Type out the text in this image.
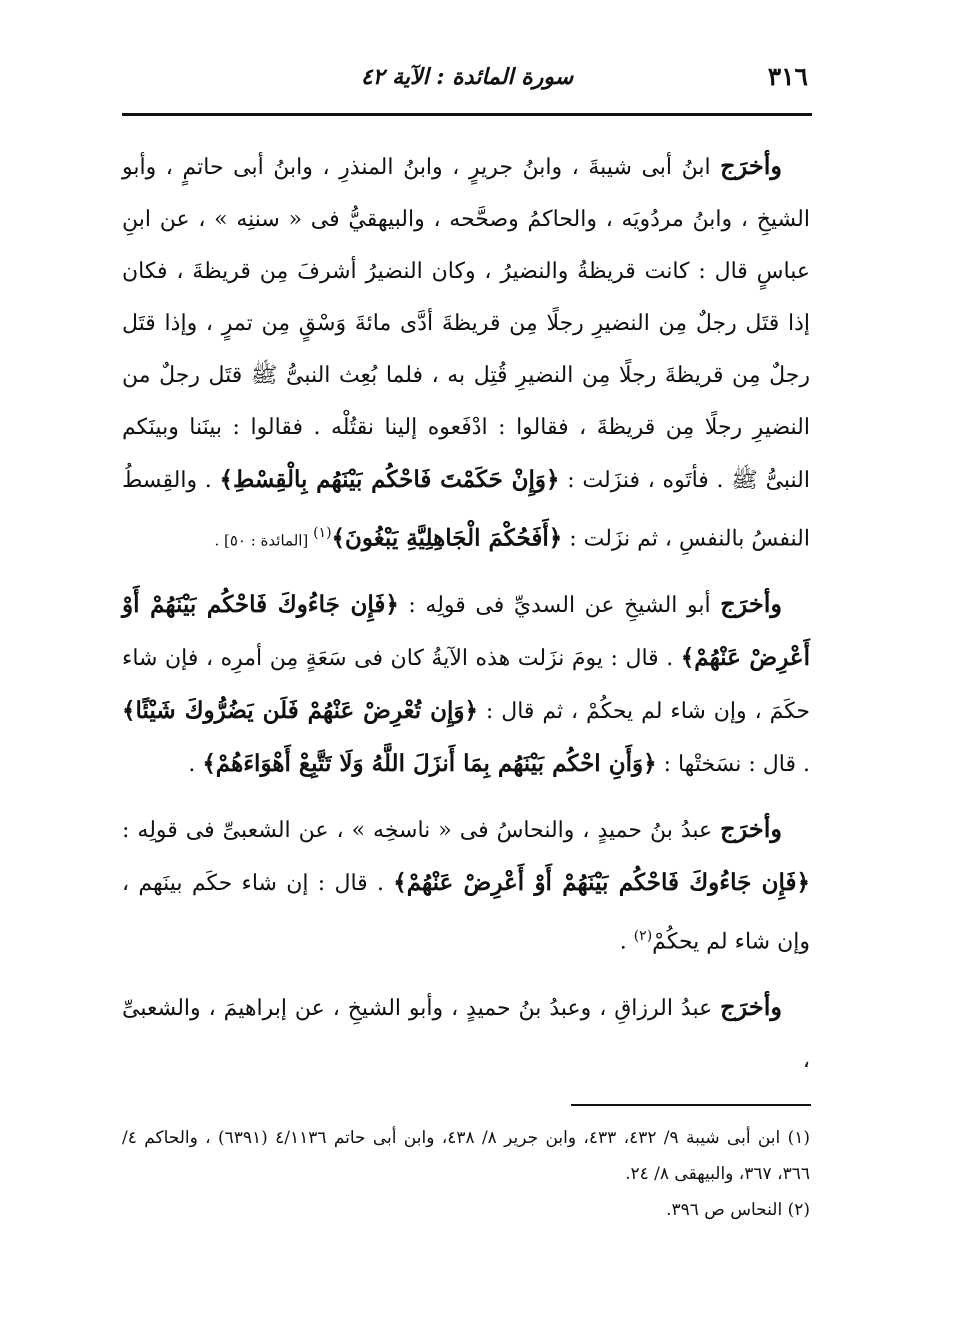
٣١٦
سورة المائدة : الآية ٤٢

وأخرَج ابنُ أبى شيبةَ ، وابنُ جريرٍ ، وابنُ المنذرِ ، وابنُ أبى حاتمٍ ، وأبو الشيخِ ، وابنُ مردُويَه ، والحاكمُ وصحَّحه ، والبيهقيُّ فى « سننِه » ، عن ابنِ عباسٍ قال : كانت قريظةُ والنضيرُ ، وكان النضيرُ أشرفَ مِن قريظةَ ، فكان إذا قتَل رجلٌ مِن النضيرِ رجلًا مِن قريظةَ أدَّى مائةَ وَسْقٍ مِن تمرٍ ، وإذا قتَل رجلٌ مِن قريظةَ رجلًا مِن النضيرِ قُتِل به ، فلما بُعِث النبىُّ ﷺ قتَل رجلٌ من النضيرِ رجلًا مِن قريظةَ ، فقالوا : ادْفَعوه إلينا نقتُلْه . فقالوا : بينَنا وبينَكم النبىُّ ﷺ . فأتَوه ، فنزَلت : ﴿وَإِنْ حَكَمْتَ فَاحْكُم بَيْنَهُم بِالْقِسْطِ﴾ . والقِسطُ النفسُ بالنفسِ ، ثم نزَلت : ﴿أَفَحُكْمَ الْجَاهِلِيَّةِ يَبْغُونَ﴾$^{(١)}$ [المائدة : ٥٠] .

وأخرَج أبو الشيخِ عن السديِّ فى قولِه : ﴿فَإِن جَاءُوكَ فَاحْكُم بَيْنَهُمْ أَوْ أَعْرِضْ عَنْهُمْ﴾ . قال : يومَ نزَلت هذه الآيةُ كان فى سَعَةٍ مِن أمرِه ، فإن شاء حكَمَ ، وإن شاء لم يحكُمْ ، ثم قال : ﴿وَإِن تُعْرِضْ عَنْهُمْ فَلَن يَضُرُّوكَ شَيْئًا﴾ . قال : نسَختْها : ﴿وَأَنِ احْكُم بَيْنَهُم بِمَا أَنزَلَ اللَّهُ وَلَا تَتَّبِعْ أَهْوَاءَهُمْ﴾ .

وأخرَج عبدُ بنُ حميدٍ ، والنحاسُ فى « ناسخِه » ، عن الشعبىِّ فى قولِه : ﴿فَإِن جَاءُوكَ فَاحْكُم بَيْنَهُمْ أَوْ أَعْرِضْ عَنْهُمْ﴾ . قال : إن شاء حكَم بينَهم ، وإن شاء لم يحكُمْ$^{(٢)}$ .

وأخرَج عبدُ الرزاقِ ، وعبدُ بنُ حميدٍ ، وأبو الشيخِ ، عن إبراهيمَ ، والشعبىِّ ،

(١) ابن أبى شيبة ٩/ ٤٣٢، ٤٣٣، وابن جرير ٨/ ٤٣٨، وابن أبى حاتم ٤/١١٣٦ (٦٣٩١) ، والحاكم ٤/ ٣٦٦، ٣٦٧، والبيهقى ٨/ ٢٤.

(٢) النحاس ص ٣٩٦.
